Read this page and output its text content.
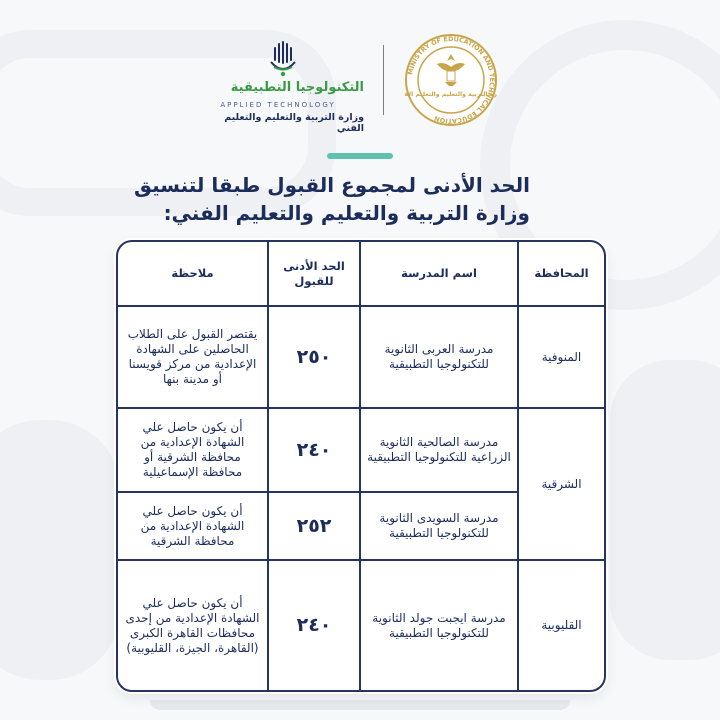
MINISTRY OF EDUCATION AND TECHNICAL EDUCATION
رة التربية والتعليم والتعليم الف
التكنولوجيا التطبيقية
APPLIED TECHNOLOGY
وزارة التربية والتعليم والتعليم الفني

الحد الأدنى لمجموع القبول طبقا لتنسيق

وزارة التربية والتعليم والتعليم الفني:

المحافظة	اسم المدرسة	الحد الأدنى للقبول	ملاحظة
المنوفية	مدرسة العربى الثانوية للتكنولوجيا التطبيقية	٢٥٠	يقتصر القبول على الطلاب الحاصلين على الشهادة الإعدادية من مركز قويسنا أو مدينة بنها
الشرقية	مدرسة الصالحية الثانوية الزراعية للتكنولوجيا التطبيقية	٢٤٠	أن يكون حاصل علي الشهادة الإعدادية من محافظة الشرقية أو محافظة الإسماعيلية
	مدرسة السويدى الثانوية للتكنولوجيا التطبيقية	٢٥٢	أن يكون حاصل علي الشهادة الإعدادية من محافظة الشرقية
القليوبية	مدرسة ايجبت جولد الثانوية للتكنولوجيا التطبيقية	٢٤٠	أن يكون حاصل علي الشهادة الإعدادية من إحدى محافظات القاهرة الكبرى (القاهرة، الجيزة، القليوبية)
